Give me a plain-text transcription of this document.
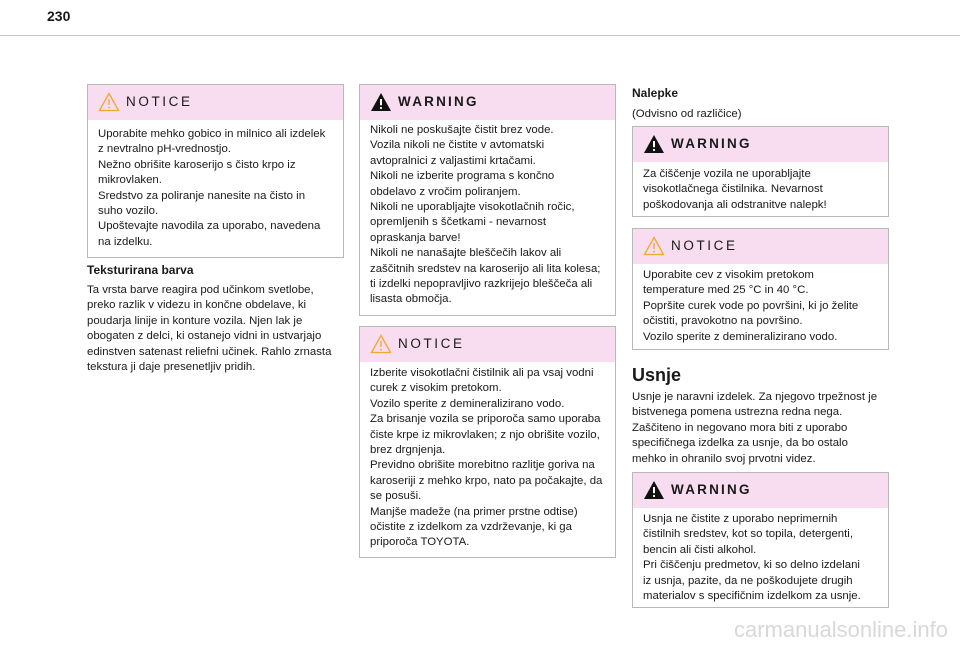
230
NOTICE
Uporabite mehko gobico in milnico ali izdelek
z nevtralno pH-vrednostjo.
Nežno obrišite karoserijo s čisto krpo iz
mikrovlaken.
Sredstvo za poliranje nanesite na čisto in
suho vozilo.
Upoštevajte navodila za uporabo, navedena
na izdelku.
Teksturirana barva
Ta vrsta barve reagira pod učinkom svetlobe,
preko razlik v videzu in končne obdelave, ki
poudarja linije in konture vozila. Njen lak je
obogaten z delci, ki ostanejo vidni in ustvarjajo
edinstven satenast reliefni učinek. Rahlo zrnasta
tekstura ji daje presenetljiv pridih.
WARNING
Nikoli ne poskušajte čistit brez vode.
Vozila nikoli ne čistite v avtomatski
avtopralnici z valjastimi krtačami.
Nikoli ne izberite programa s končno
obdelavo z vročim poliranjem.
Nikoli ne uporabljajte visokotlačnih ročic,
opremljenih s ščetkami - nevarnost
opraskanja barve!
Nikoli ne nanašajte bleščečih lakov ali
zaščitnih sredstev na karoserijo ali lita kolesa;
ti izdelki nepopravljivo razkrijejo bleščeča ali
lisasta območja.
NOTICE
Izberite visokotlačni čistilnik ali pa vsaj vodni
curek z visokim pretokom.
Vozilo sperite z demineraliziranо vodo.
Za brisanje vozila se priporoča samo uporaba
čiste krpe iz mikrovlaken; z njo obrišite vozilo,
brez drgnjenja.
Previdno obrišite morebitno razlitje goriva na
karoseriji z mehko krpo, nato pa počakajte, da
se posuši.
Manjše madeže (na primer prstne odtise)
očistite z izdelkom za vzdrževanje, ki ga
priporoča TOYOTA.
Nalepke
(Odvisno od različice)
WARNING
Za čiščenje vozila ne uporabljajte
visokotlačnega čistilnika. Nevarnost
poškodovanja ali odstranitve nalepk!
NOTICE
Uporabite cev z visokim pretokom
temperature med 25 °C in 40 °C.
Popršite curek vode po površini, ki jo želite
očistiti, pravokotno na površino.
Vozilo sperite z demineraliziranо vodo.
Usnje
Usnje je naravni izdelek. Za njegovo trpežnost je
bistvenega pomena ustrezna redna nega.
Zaščiteno in negovano mora biti z uporabo
specifičnega izdelka za usnje, da bo ostalo
mehko in ohranilo svoj prvotni videz.
WARNING
Usnja ne čistite z uporabo neprimernih
čistilnih sredstev, kot so topila, detergenti,
bencin ali čisti alkohol.
Pri čiščenju predmetov, ki so delno izdelani
iz usnja, pazite, da ne poškodujete drugih
materialov s specifičnim izdelkom za usnje.
carmanualsonline.info
